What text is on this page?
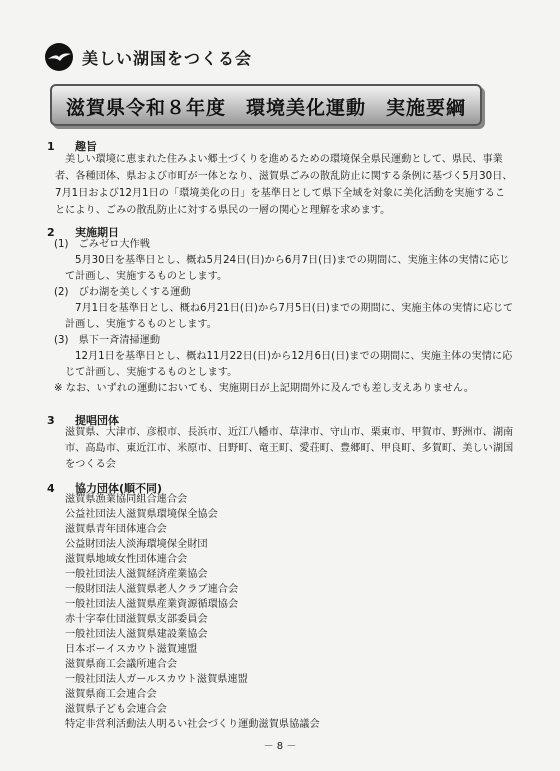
美しい湖国をつくる会
滋賀県令和８年度　環境美化運動　実施要綱
1 趣旨
美しい環境に恵まれた住みよい郷土づくりを進めるための環境保全県民運動として、県民、事業
者、各種団体、県および市町が一体となり、滋賀県ごみの散乱防止に関する条例に基づく5月30日、
7月1日および12月1日の「環境美化の日」を基準日として県下全域を対象に美化活動を実施するこ
とにより、ごみの散乱防止に対する県民の一層の関心と理解を求めます。
2 実施期日
(1)　ごみゼロ大作戦
5月30日を基準日とし、概ね5月24日(日)から6月7日(日)までの期間に、実施主体の実情に応じ
て計画し、実施するものとします。
(2)　びわ湖を美しくする運動
7月1日を基準日とし、概ね6月21日(日)から7月5日(日)までの期間に、実施主体の実情に応じて
計画し、実施するものとします。
(3)　県下一斉清掃運動
12月1日を基準日とし、概ね11月22日(日)から12月6日(日)までの期間に、実施主体の実情に応
じて計画し、実施するものとします。
※ なお、いずれの運動においても、実施期日が上記期間外に及んでも差し支えありません。
3 提唱団体
滋賀県、大津市、彦根市、長浜市、近江八幡市、草津市、守山市、栗東市、甲賀市、野洲市、湖南
市、高島市、東近江市、米原市、日野町、竜王町、愛荘町、豊郷町、甲良町、多賀町、美しい湖国
をつくる会
4 協力団体(順不同)
滋賀県漁業協同組合連合会
公益社団法人滋賀県環境保全協会
滋賀県青年団体連合会
公益財団法人淡海環境保全財団
滋賀県地域女性団体連合会
一般社団法人滋賀経済産業協会
一般財団法人滋賀県老人クラブ連合会
一般社団法人滋賀県産業資源循環協会
赤十字奉仕団滋賀県支部委員会
一般社団法人滋賀県建設業協会
日本ボーイスカウト滋賀連盟
滋賀県商工会議所連合会
一般社団法人ガールスカウト滋賀県連盟
滋賀県商工会連合会
滋賀県子ども会連合会
特定非営利活動法人明るい社会づくり運動滋賀県協議会
－ 8 －
